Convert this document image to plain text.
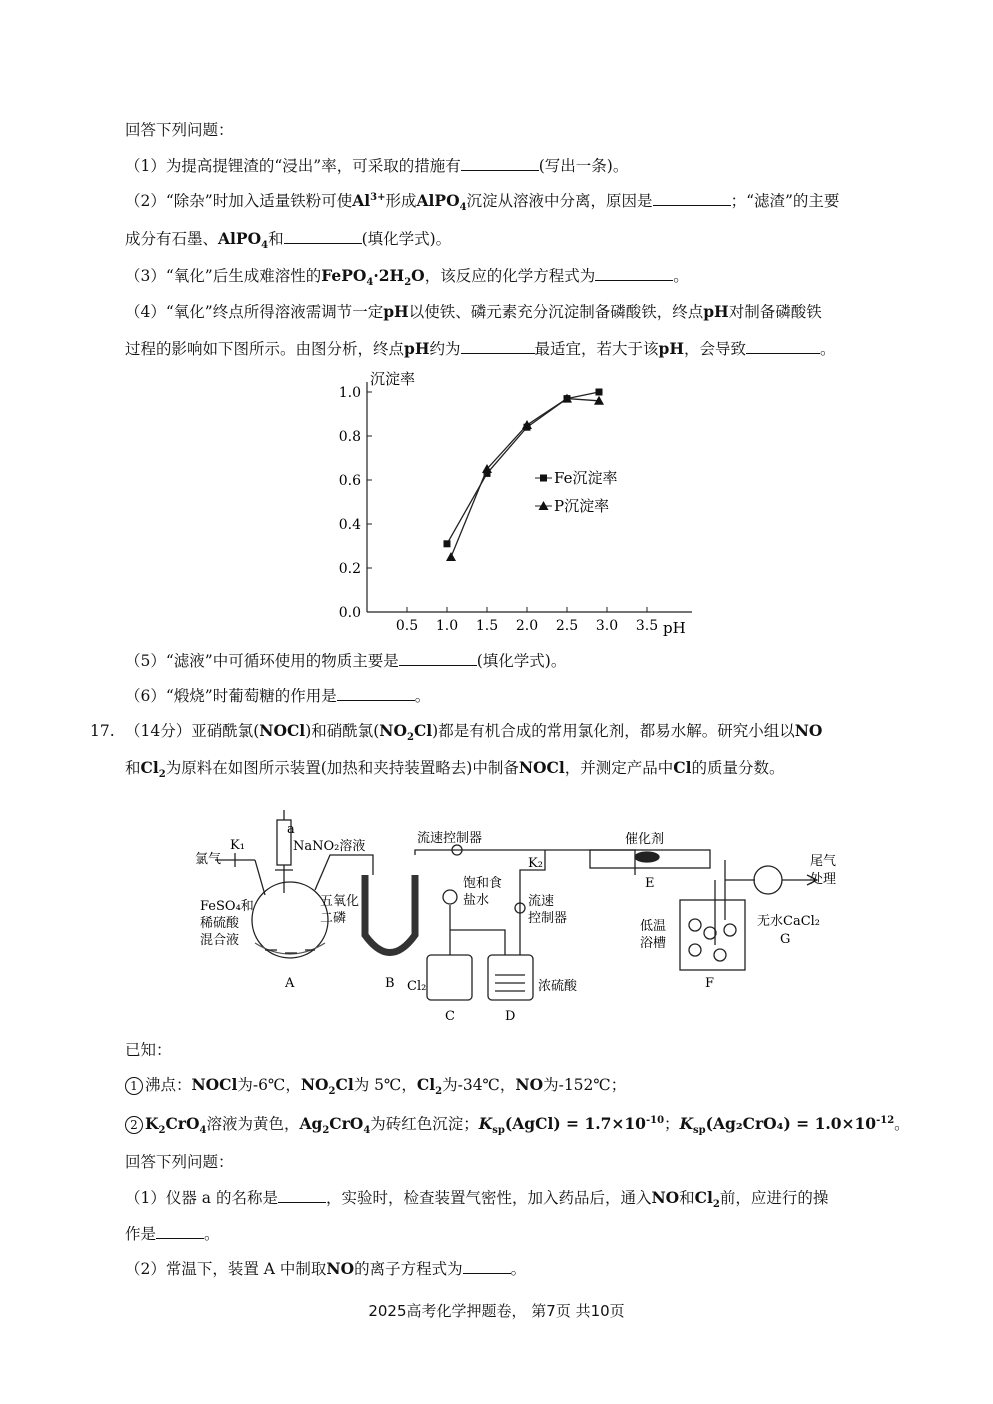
回答下列问题：
（1）为提高提锂渣的“浸出”率，可采取的措施有	(写出一条)。
（2）“除杂”时加入适量铁粉可使$Al^{3+}$形成AlPO$_4$沉淀从溶液中分离，原因是	；“滤渣”的主要
成分有石墨、AlPO$_4$和	(填化学式)。
（3）“氧化”后生成难溶性的$FePO_4\cdot 2H_2O$，该反应的化学方程式为	。
（4）“氧化”终点所得溶液需调节一定pH以使铁、磷元素充分沉淀制备磷酸铁，终点pH对制备磷酸铁
过程的影响如下图所示。由图分析，终点pH约为	最适宜，若大于该pH，会导致	。
沉淀率
pH
0.5 1.0 1.5 2.0 2.5 3.0 3.5
0.0
0.2
0.4
0.6
0.8
1.0
Fe沉淀率
P沉淀率
（5）“滤液”中可循环使用的物质主要是	(填化学式)。
（6）“煅烧”时葡萄糖的作用是	。
17. （14分）亚硝酰氯(NOCl)和硝酰氯$(NO_2Cl)$都是有机合成的常用氯化剂，都易水解。研究小组以NO
和$Cl_2$为原料在如图所示装置(加热和夹持装置略去)中制备NOCl，并测定产品中Cl的质量分数。
a
NaNO₂溶液
氯气
K₁
FeSO₄和
稀硫酸
混合液
A
五氧化
二磷
B
流速控制器
K₂
饱和食
盐水	流速
控制器
Cl₂
C
浓硫酸
D
催化剂
E
低温
浴槽
F
无水CaCl₂
G
尾气
处理
已知：
1 沸点：NOCl为-6℃，$NO_2Cl$为 5℃，$Cl_2$为-34℃，NO为-152℃；
2 $K_2CrO_4$溶液为黄色，$Ag_2CrO_4$为砖红色沉淀；$K_{sp}(AgCl) = 1.7\times 10^{-10}$；$K_{sp}(Ag_2CrO_4) = 1.0\times 10^{-12}$。
回答下列问题：
（1）仪器 a 的名称是	，实验时，检查装置气密性，加入药品后，通入NO和$Cl_2$前，应进行的操
作是	。
（2）常温下，装置 A 中制取NO的离子方程式为	。
2025高考化学押题卷， 第7页 共10页
